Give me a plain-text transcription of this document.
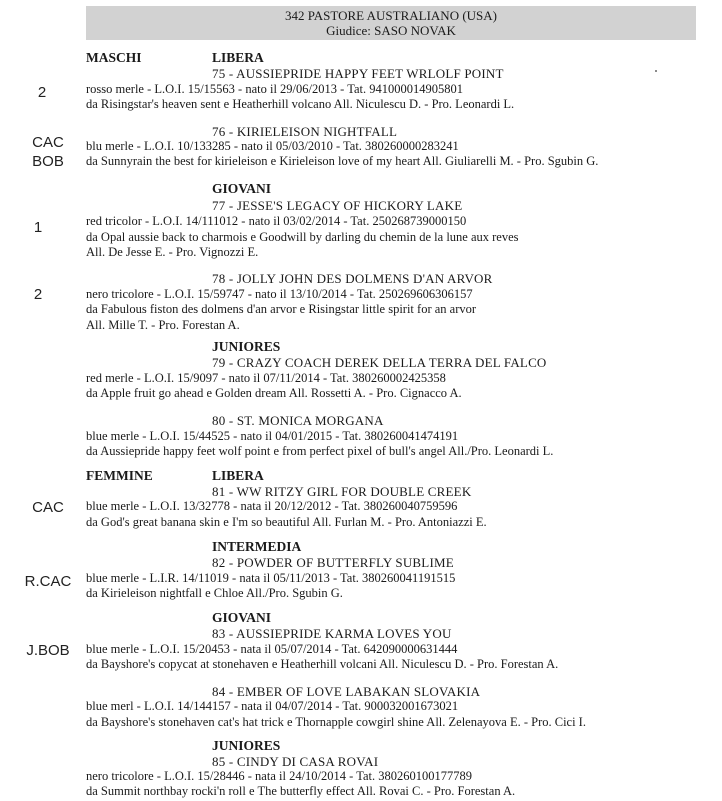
342 PASTORE AUSTRALIANO (USA)
Giudice: SASO NOVAK
MASCHI	LIBERA
GIOVANI
JUNIORES
FEMMINE	LIBERA
INTERMEDIA
GIOVANI
JUNIORES
2
CAC
BOB
1
2
CAC
R.CAC
J.BOB
75 - AUSSIEPRIDE HAPPY FEET WRLOLF POINT
rosso merle - L.O.I. 15/15563 - nato il 29/06/2013 - Tat. 941000014905801
da Risingstar's heaven sent e Heatherhill volcano All. Niculescu D. - Pro. Leonardi L.
76 - KIRIELEISON NIGHTFALL
blu merle - L.O.I. 10/133285 - nato il 05/03/2010 - Tat. 380260000283241
da Sunnyrain the best for kirieleison e Kirieleison love of my heart All. Giuliarelli M. - Pro. Sgubin G.
77 - JESSE'S LEGACY OF HICKORY LAKE
red tricolor - L.O.I. 14/111012 - nato il 03/02/2014 - Tat. 250268739000150
da Opal aussie back to charmois e Goodwill by darling du chemin de la lune aux reves
All. De Jesse E. - Pro. Vignozzi E.
78 - JOLLY JOHN DES DOLMENS D'AN ARVOR
nero tricolore - L.O.I. 15/59747 - nato il 13/10/2014 - Tat. 250269606306157
da Fabulous fiston des dolmens d'an arvor e Risingstar little spirit for an arvor
All. Mille T. - Pro. Forestan A.
79 - CRAZY COACH DEREK DELLA TERRA DEL FALCO
red merle - L.O.I. 15/9097 - nato il 07/11/2014 - Tat. 380260002425358
da Apple fruit go ahead e Golden dream All. Rossetti A. - Pro. Cignacco A.
80 - ST. MONICA MORGANA
blue merle - L.O.I. 15/44525 - nato il 04/01/2015 - Tat. 380260041474191
da Aussiepride happy feet wolf point e from perfect pixel of bull's angel All./Pro. Leonardi L.
81 - WW RITZY GIRL FOR DOUBLE CREEK
blue merle - L.O.I. 13/32778 - nata il 20/12/2012 - Tat. 380260040759596
da God's great banana skin e I'm so beautiful All. Furlan M. - Pro. Antoniazzi E.
82 - POWDER OF BUTTERFLY SUBLIME
blue merle - L.I.R. 14/11019 - nata il 05/11/2013 - Tat. 380260041191515
da Kirieleison nightfall e Chloe All./Pro. Sgubin G.
83 - AUSSIEPRIDE KARMA LOVES YOU
blue merle - L.O.I. 15/20453 - nata il 05/07/2014 - Tat. 642090000631444
da Bayshore's copycat at stonehaven e Heatherhill volcani All. Niculescu D. - Pro. Forestan A.
84 - EMBER OF LOVE LABAKAN SLOVAKIA
blue merl - L.O.I. 14/144157 - nata il 04/07/2014 - Tat. 900032001673021
da Bayshore's stonehaven cat's hat trick e Thornapple cowgirl shine All. Zelenayova E. - Pro. Cici I.
85 - CINDY DI CASA ROVAI
nero tricolore - L.O.I. 15/28446 - nata il 24/10/2014 - Tat. 380260100177789
da Summit northbay rocki'n roll e The butterfly effect All. Rovai C. - Pro. Forestan A.
